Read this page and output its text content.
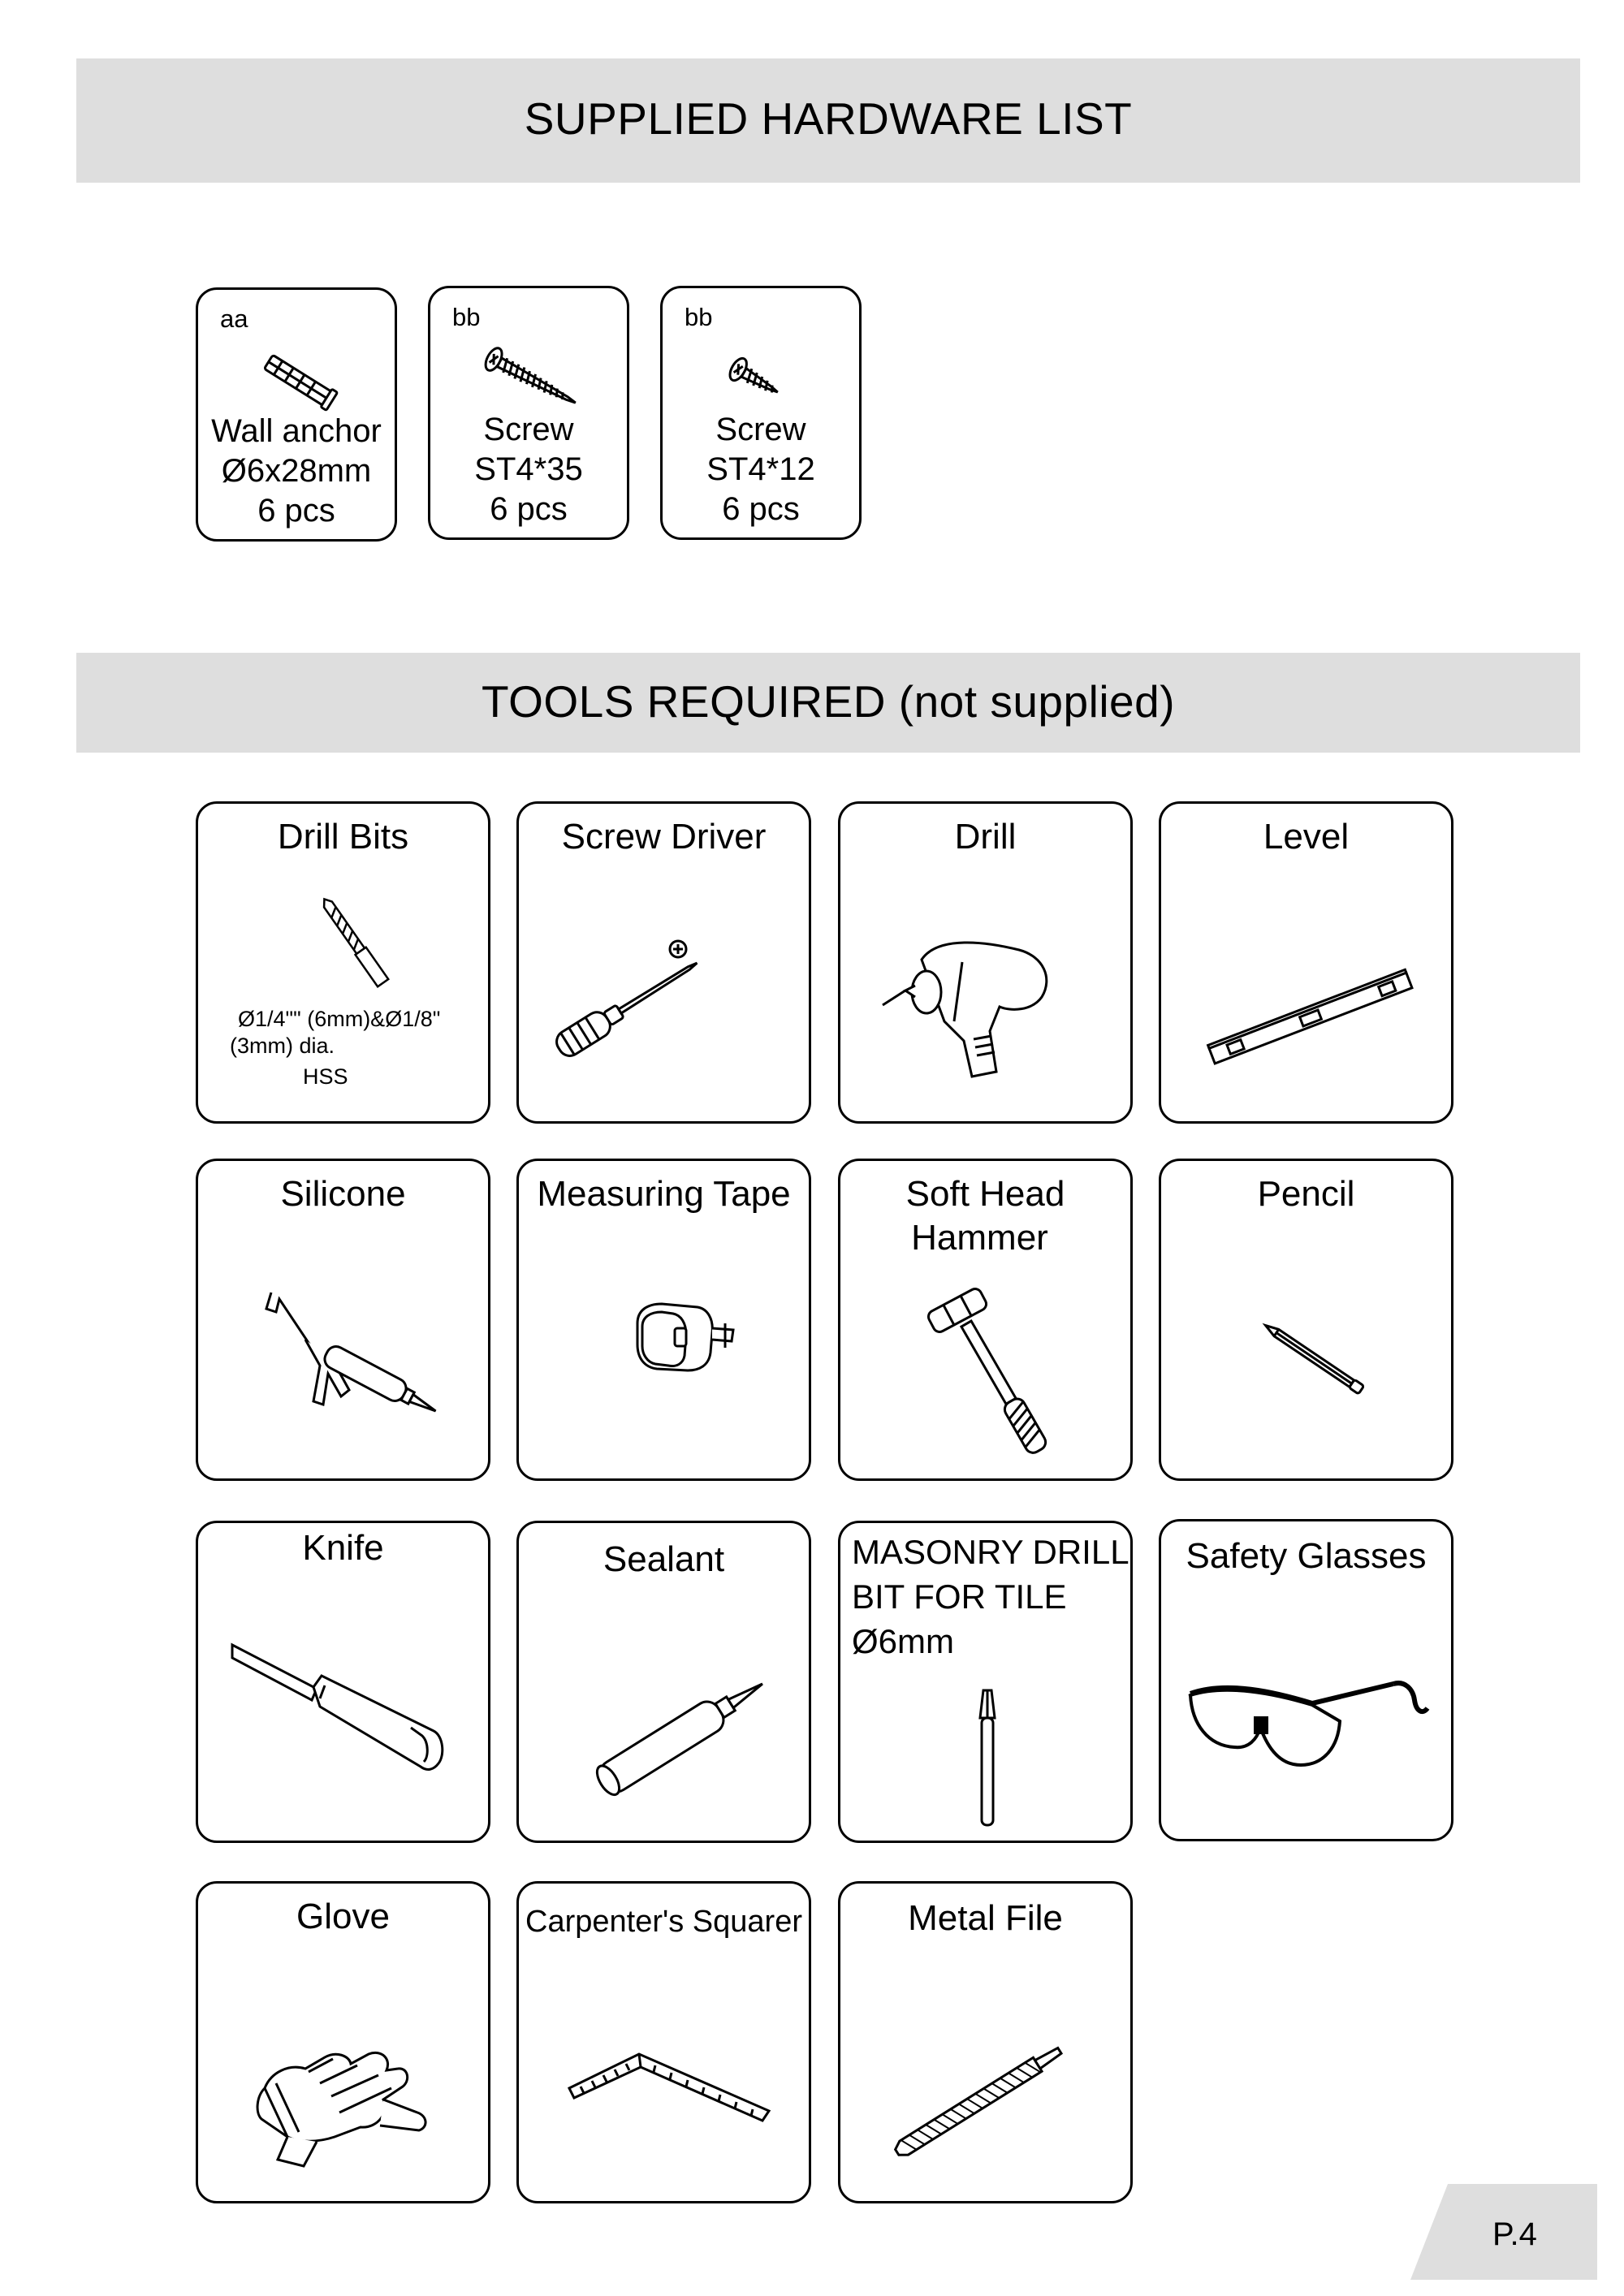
SUPPLIED HARDWARE LIST
aa
Wall anchor
Ø6x28mm
6 pcs
bb
Screw
ST4*35
6 pcs
bb
Screw
ST4*12
6 pcs
TOOLS REQUIRED (not supplied)
Drill Bits
Ø1/4"" (6mm)&Ø1/8"
(3mm) dia.
HSS
Screw Driver	Drill	Level
Silicone	Measuring Tape	Soft Head
Hammer
Pencil
Knife	Sealant	MASONRY DRILL
BIT FOR TILE
Ø6mm
Safety Glasses
Glove	Carpenter's Squarer	Metal File
P.4
